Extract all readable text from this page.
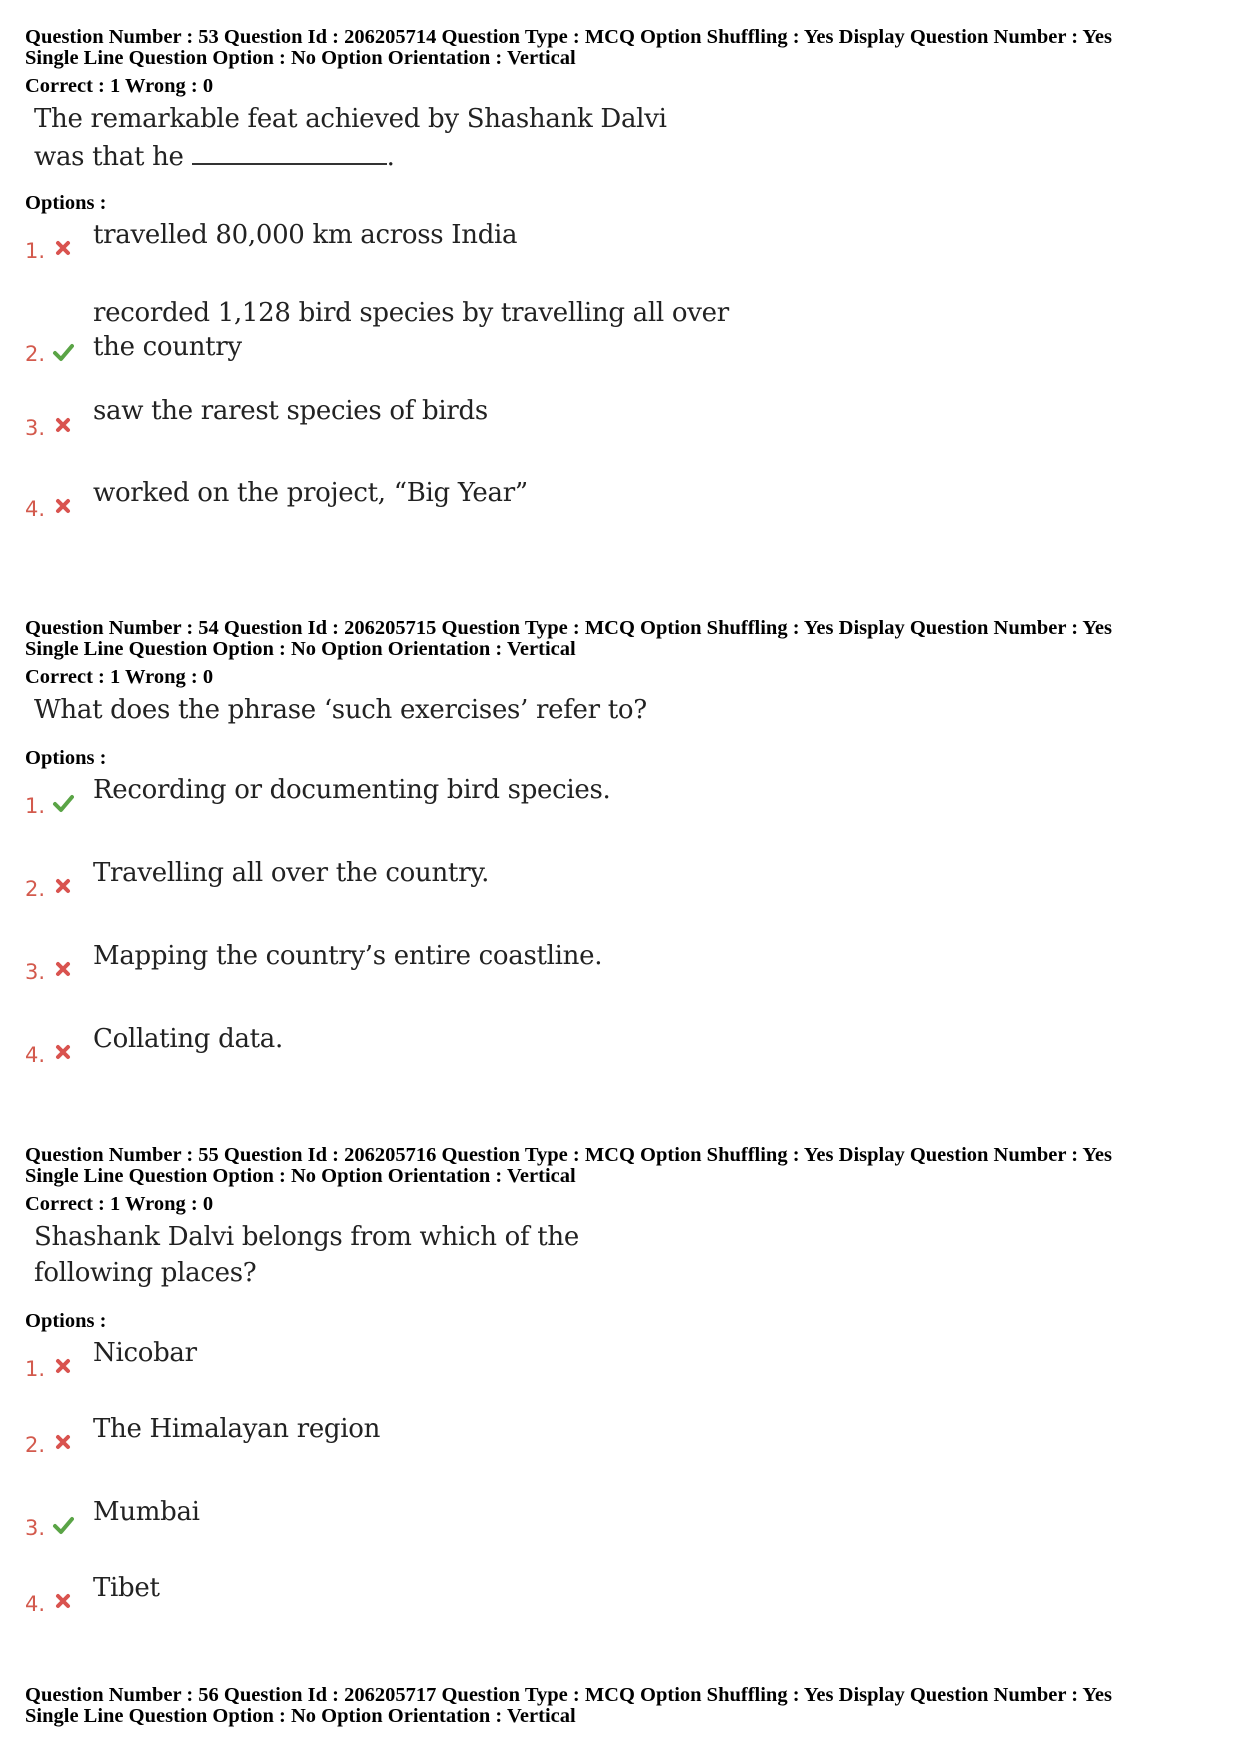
Question Number : 53 Question Id : 206205714 Question Type : MCQ Option Shuffling : Yes Display Question Number : Yes
Single Line Question Option : No Option Orientation : Vertical
Correct : 1 Wrong : 0
The remarkable feat achieved by Shashank Dalvi
was that he	.
Options :
1.
travelled 80,000 km across India
2.
recorded 1,128 bird species by travelling all over
the country
3.
saw the rarest species of birds
4.
worked on the project, “Big Year”
Question Number : 54 Question Id : 206205715 Question Type : MCQ Option Shuffling : Yes Display Question Number : Yes
Single Line Question Option : No Option Orientation : Vertical
Correct : 1 Wrong : 0
What does the phrase ‘such exercises’ refer to?
Options :
1.
Recording or documenting bird species.
2.
Travelling all over the country.
3.
Mapping the country’s entire coastline.
4.
Collating data.
Question Number : 55 Question Id : 206205716 Question Type : MCQ Option Shuffling : Yes Display Question Number : Yes
Single Line Question Option : No Option Orientation : Vertical
Correct : 1 Wrong : 0
Shashank Dalvi belongs from which of the
following places?
Options :
1.
Nicobar
2.
The Himalayan region
3.
Mumbai
4.
Tibet
Question Number : 56 Question Id : 206205717 Question Type : MCQ Option Shuffling : Yes Display Question Number : Yes
Single Line Question Option : No Option Orientation : Vertical
